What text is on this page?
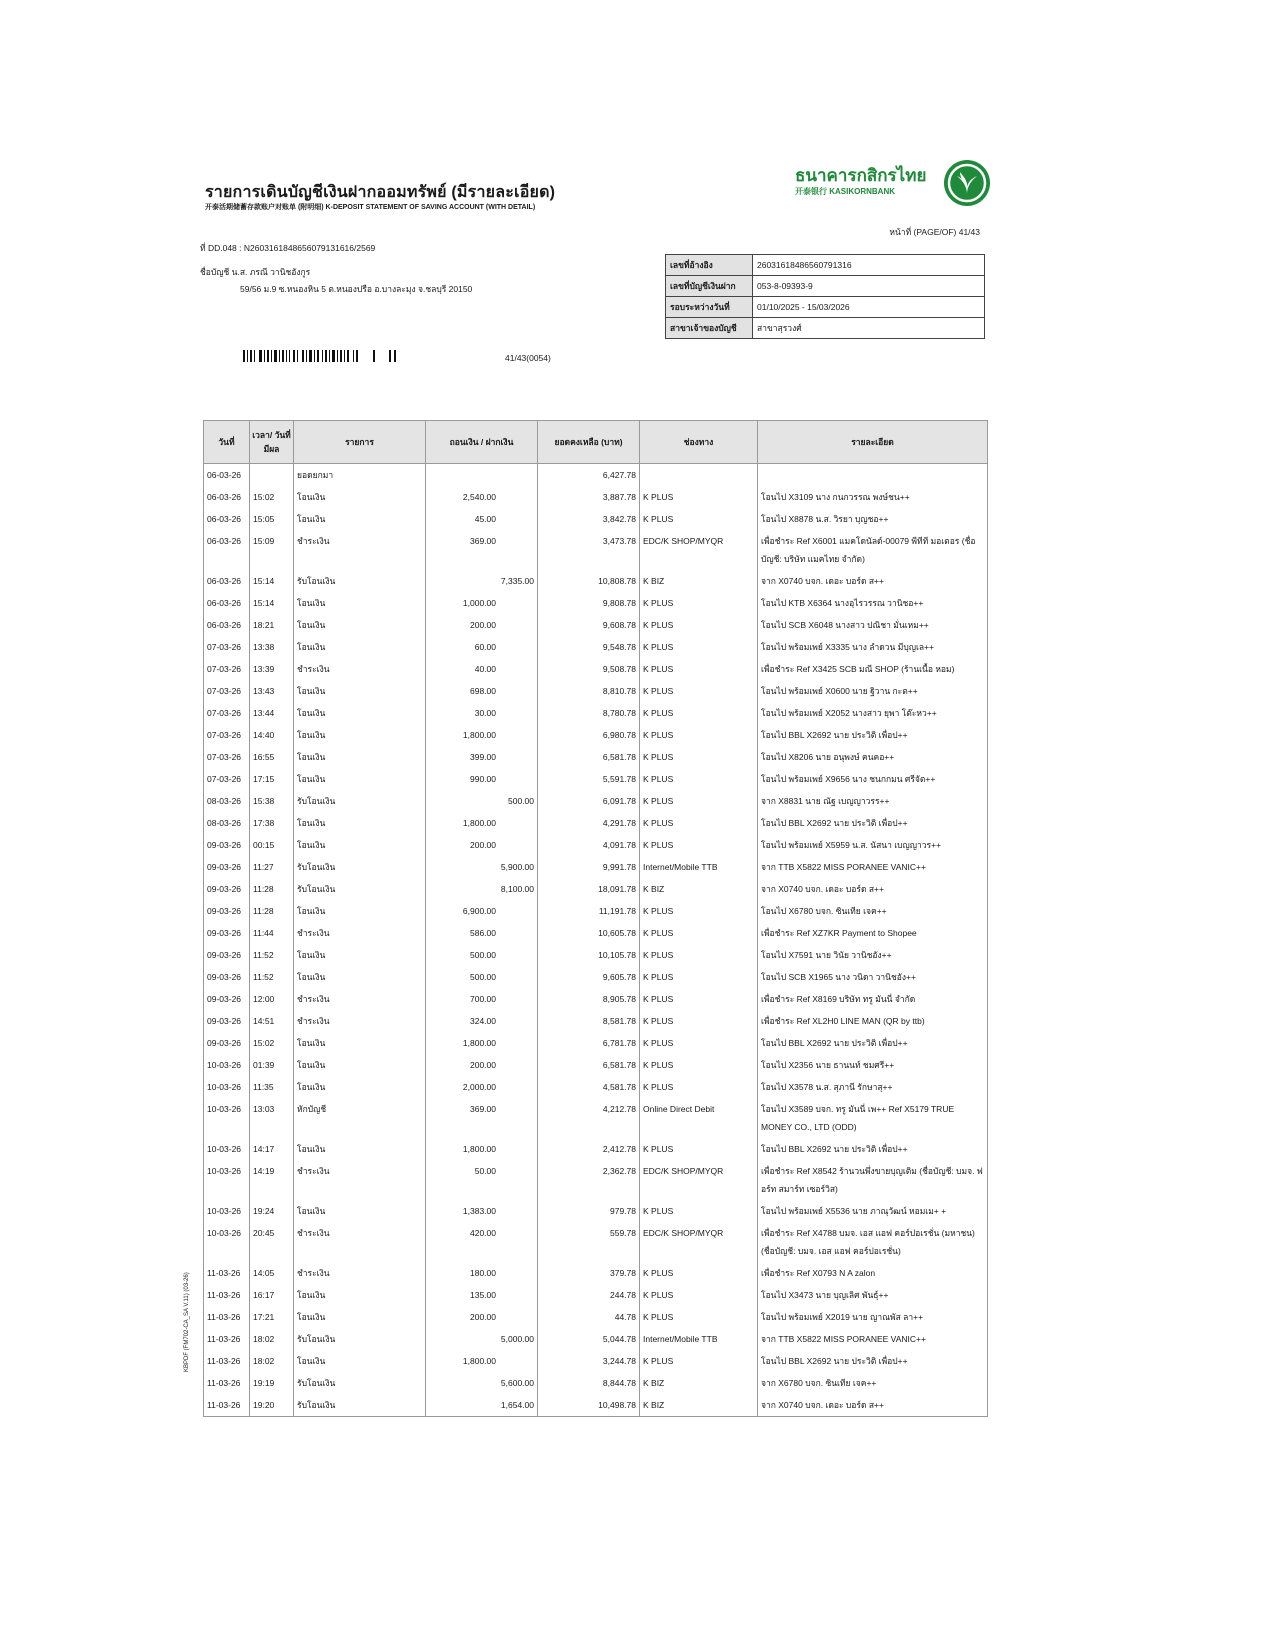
รายการเดินบัญชีเงินฝากออมทรัพย์ (มีรายละเอียด)
开泰活期储蓄存款账户对账单 (附明细) K-DEPOSIT STATEMENT OF SAVING ACCOUNT (WITH DETAIL)
ที่ DD.048 : N2603161848656079131616/2569
ชื่อบัญชี น.ส. ภรณี วานิชอังกูร
59/56 ม.9 ซ.หนองหิน 5 ต.หนองปรือ อ.บางละมุง จ.ชลบุรี 20150
41/43(0054)
ธนาคารกสิกรไทย
开泰银行 KASIKORNBANK
หน้าที่ (PAGE/OF) 41/43
เลขที่อ้างอิง	26031618486560791316
เลขที่บัญชีเงินฝาก	053-8-09393-9
รอบระหว่างวันที่	01/10/2025 - 15/03/2026
สาขาเจ้าของบัญชี	สาขาสุรวงศ์
วันที่	เวลา/ วันที่มีผล	รายการ	ถอนเงิน / ฝากเงิน	ยอดคงเหลือ (บาท)	ช่องทาง	รายละเอียด
06-03-26		ยอดยกมา		6,427.78		
06-03-26	15:02	โอนเงิน	2,540.00	3,887.78	K PLUS	โอนไป X3109 นาง กนกวรรณ พงษ์ชน++
06-03-26	15:05	โอนเงิน	45.00	3,842.78	K PLUS	โอนไป X8878 น.ส. วิรยา บุญชอ++
06-03-26	15:09	ชำระเงิน	369.00	3,473.78	EDC/K SHOP/MYQR	เพื่อชำระ Ref X6001 แมคโดนัลด์-00079 พีทีที มอเตอร (ชื่อบัญชี: บริษัท แมคไทย จำกัด)
06-03-26	15:14	รับโอนเงิน	7,335.00	10,808.78	K BIZ	จาก X0740 บจก. เดอะ บอร์ด ส++
06-03-26	15:14	โอนเงิน	1,000.00	9,808.78	K PLUS	โอนไป KTB X6364 นางอุไรวรรณ วานิชอ++
06-03-26	18:21	โอนเงิน	200.00	9,608.78	K PLUS	โอนไป SCB X6048 นางสาว ปณิชา มั่นเหม++
07-03-26	13:38	โอนเงิน	60.00	9,548.78	K PLUS	โอนไป พร้อมเพย์ X3335 นาง ลำดวน มีบุญเล++
07-03-26	13:39	ชำระเงิน	40.00	9,508.78	K PLUS	เพื่อชำระ Ref X3425 SCB มณี SHOP (ร้านเนื้อ หอม)
07-03-26	13:43	โอนเงิน	698.00	8,810.78	K PLUS	โอนไป พร้อมเพย์ X0600 นาย ฐิวาน กะต++
07-03-26	13:44	โอนเงิน	30.00	8,780.78	K PLUS	โอนไป พร้อมเพย์ X2052 นางสาว ยุพา โต๊ะหว++
07-03-26	14:40	โอนเงิน	1,800.00	6,980.78	K PLUS	โอนไป BBL X2692 นาย ประวิติ เพื่อป++
07-03-26	16:55	โอนเงิน	399.00	6,581.78	K PLUS	โอนไป X8206 นาย อนุพงษ์ คนคอ++
07-03-26	17:15	โอนเงิน	990.00	5,591.78	K PLUS	โอนไป พร้อมเพย์ X9656 นาง ชนกกมน ศรีจัต++
08-03-26	15:38	รับโอนเงิน	500.00	6,091.78	K PLUS	จาก X8831 นาย ณัฐ เบญญาวรร++
08-03-26	17:38	โอนเงิน	1,800.00	4,291.78	K PLUS	โอนไป BBL X2692 นาย ประวิติ เพื่อป++
09-03-26	00:15	โอนเงิน	200.00	4,091.78	K PLUS	โอนไป พร้อมเพย์ X5959 น.ส. นัสนา เบญญาวร++
09-03-26	11:27	รับโอนเงิน	5,900.00	9,991.78	Internet/Mobile TTB	จาก TTB X5822 MISS PORANEE VANIC++
09-03-26	11:28	รับโอนเงิน	8,100.00	18,091.78	K BIZ	จาก X0740 บจก. เดอะ บอร์ด ส++
09-03-26	11:28	โอนเงิน	6,900.00	11,191.78	K PLUS	โอนไป X6780 บจก. ซินเทีย เจค++
09-03-26	11:44	ชำระเงิน	586.00	10,605.78	K PLUS	เพื่อชำระ Ref XZ7KR Payment to Shopee
09-03-26	11:52	โอนเงิน	500.00	10,105.78	K PLUS	โอนไป X7591 นาย วินัย วานิชอัง++
09-03-26	11:52	โอนเงิน	500.00	9,605.78	K PLUS	โอนไป SCB X1965 นาง วนิดา วานิชอัง++
09-03-26	12:00	ชำระเงิน	700.00	8,905.78	K PLUS	เพื่อชำระ Ref X8169 บริษัท ทรู มันนี่ จำกัด
09-03-26	14:51	ชำระเงิน	324.00	8,581.78	K PLUS	เพื่อชำระ Ref XL2H0 LINE MAN (QR by ttb)
09-03-26	15:02	โอนเงิน	1,800.00	6,781.78	K PLUS	โอนไป BBL X2692 นาย ประวิติ เพื่อป++
10-03-26	01:39	โอนเงิน	200.00	6,581.78	K PLUS	โอนไป X2356 นาย ธานนท์ ชมศรี++
10-03-26	11:35	โอนเงิน	2,000.00	4,581.78	K PLUS	โอนไป X3578 น.ส. สุภานี รักษาสุ++
10-03-26	13:03	หักบัญชี	369.00	4,212.78	Online Direct Debit	โอนไป X3589 บจก. ทรู มันนี่ เพ++ Ref X5179 TRUE MONEY CO., LTD (ODD)
10-03-26	14:17	โอนเงิน	1,800.00	2,412.78	K PLUS	โอนไป BBL X2692 นาย ประวิติ เพื่อป++
10-03-26	14:19	ชำระเงิน	50.00	2,362.78	EDC/K SHOP/MYQR	เพื่อชำระ Ref X8542 ร้านวนพึ่งขายบุญเติม (ชื่อบัญชี: บมจ. ฟอร์ท สมาร์ท เซอร์วิส)
10-03-26	19:24	โอนเงิน	1,383.00	979.78	K PLUS	โอนไป พร้อมเพย์ X5536 นาย ภาณุวัฒน์ หอมเม+ +
10-03-26	20:45	ชำระเงิน	420.00	559.78	EDC/K SHOP/MYQR	เพื่อชำระ Ref X4788 บมจ. เอส แอฟ คอร์ปอเรชั่น (มหาชน) (ชื่อบัญชี: บมจ. เอส แอฟ คอร์ปอเรชั่น)
11-03-26	14:05	ชำระเงิน	180.00	379.78	K PLUS	เพื่อชำระ Ref X0793 N A zalon
11-03-26	16:17	โอนเงิน	135.00	244.78	K PLUS	โอนไป X3473 นาย บุญเลิศ พันธุ์++
11-03-26	17:21	โอนเงิน	200.00	44.78	K PLUS	โอนไป พร้อมเพย์ X2019 นาย ญาณพัส ลา++
11-03-26	18:02	รับโอนเงิน	5,000.00	5,044.78	Internet/Mobile TTB	จาก TTB X5822 MISS PORANEE VANIC++
11-03-26	18:02	โอนเงิน	1,800.00	3,244.78	K PLUS	โอนไป BBL X2692 นาย ประวิติ เพื่อป++
11-03-26	19:19	รับโอนเงิน	5,600.00	8,844.78	K BIZ	จาก X6780 บจก. ซินเทีย เจค++
11-03-26	19:20	รับโอนเงิน	1,654.00	10,498.78	K BIZ	จาก X0740 บจก. เดอะ บอร์ด ส++
KBPDF (FM702-CA_SA V.11) (03-26)
